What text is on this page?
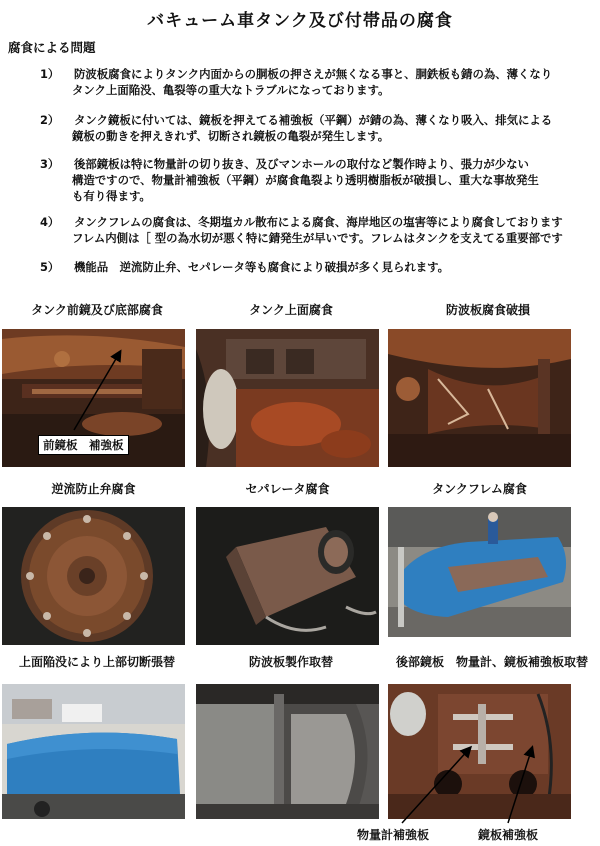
バキューム車タンク及び付帯品の腐食
腐食による問題
1） 防波板腐食によりタンク内面からの胴板の押さえが無くなる事と、胴鉄板も錆の為、薄くなり
タンク上面陥没、亀裂等の重大なトラブルになっております。
2） タンク鏡板に付いては、鏡板を押えてる補強板（平鋼）が錆の為、薄くなり吸入、排気による
鏡板の動きを押えきれず、切断され鏡板の亀裂が発生します。
3） 後部鏡板は特に物量計の切り抜き、及びマンホールの取付など製作時より、張力が少ない
構造ですので、物量計補強板（平鋼）が腐食亀裂より透明樹脂板が破損し、重大な事故発生
も有り得ます。
4） タンクフレムの腐食は、冬期塩カル散布による腐食、海岸地区の塩害等により腐食しております
フレム内側は［ 型の為水切が悪く特に錆発生が早いです。フレムはタンクを支えてる重要部です
5） 機能品　逆流防止弁、セパレータ等も腐食により破損が多く見られます。
タンク前鏡及び底部腐食	タンク上面腐食	防波板腐食破損
前鏡板　補強板
逆流防止弁腐食	セパレータ腐食	タンクフレム腐食
上面陥没により上部切断張替	防波板製作取替	後部鏡板　物量計、鏡板補強板取替
物量計補強板	鏡板補強板
